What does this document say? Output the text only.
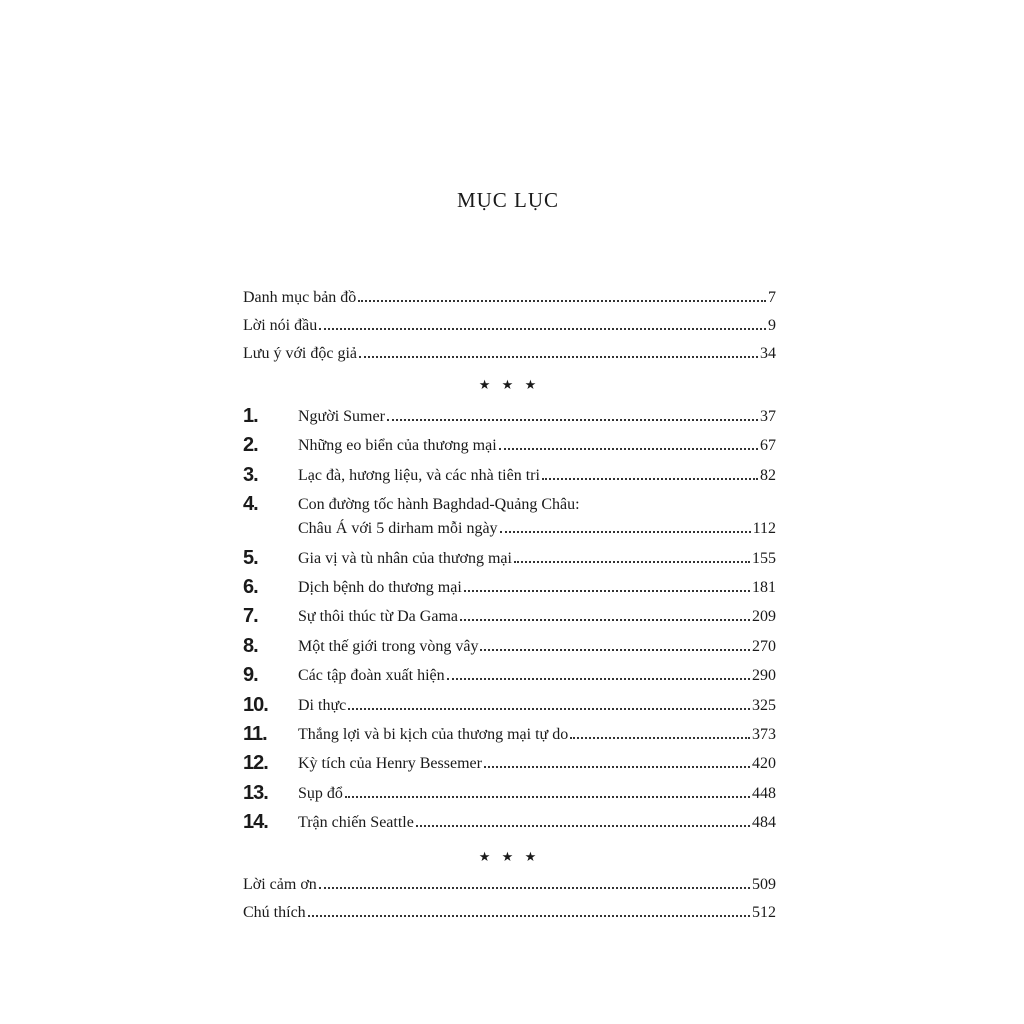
MỤC LỤC
Danh mục bản đồ	7
Lời nói đầu	9
Lưu ý với độc giả	34
★ ★ ★
1.	Người Sumer	37
2.	Những eo biển của thương mại	67
3.	Lạc đà, hương liệu, và các nhà tiên tri	82
4.	Con đường tốc hành Baghdad-Quảng Châu:
Châu Á với 5 dirham mỗi ngày	112
5.	Gia vị và tù nhân của thương mại	155
6.	Dịch bệnh do thương mại	181
7.	Sự thôi thúc từ Da Gama	209
8.	Một thế giới trong vòng vây	270
9.	Các tập đoàn xuất hiện	290
10.	Di thực	325
11.	Thắng lợi và bi kịch của thương mại tự do	373
12.	Kỳ tích của Henry Bessemer	420
13.	Sụp đổ	448
14.	Trận chiến Seattle	484
★ ★ ★
Lời cảm ơn	509
Chú thích	512
